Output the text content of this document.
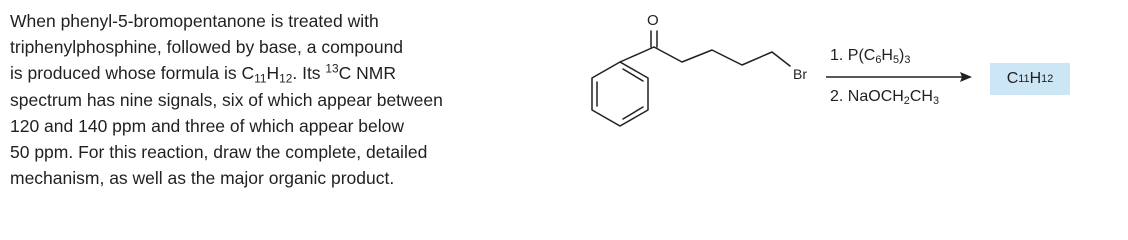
When phenyl-5-bromopentanone is treated with
triphenylphosphine, followed by base, a compound
is produced whose formula is $C_{11}H_{12}$. Its $^{13}$C NMR
spectrum has nine signals, six of which appear between
120 and 140 ppm and three of which appear below
50 ppm. For this reaction, draw the complete, detailed
mechanism, as well as the major organic product.
O
Br
1. $P(C_6H_5)_3$
2. $NaOCH_2CH_3$
C 11 H 12
